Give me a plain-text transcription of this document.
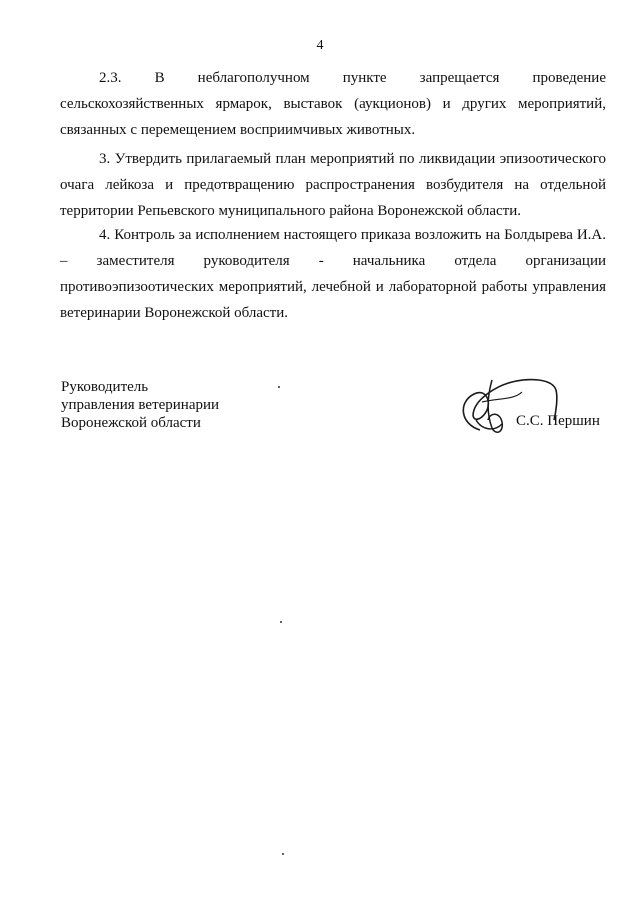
4

2.3. В неблагополучном пункте запрещается проведение сельскохозяйственных ярмарок, выставок (аукционов) и других мероприятий, связанных с перемещением восприимчивых животных.

3. Утвердить прилагаемый план мероприятий по ликвидации эпизоотического очага лейкоза и предотвращению распространения возбудителя на отдельной территории Репьевского муниципального района Воронежской области.

4. Контроль за исполнением настоящего приказа возложить на Болдырева И.А. – заместителя руководителя - начальника отдела организации противоэпизоотических мероприятий, лечебной и лабораторной работы управления ветеринарии Воронежской области.

Руководитель
управления ветеринарии
Воронежской области	С.С. Першин
